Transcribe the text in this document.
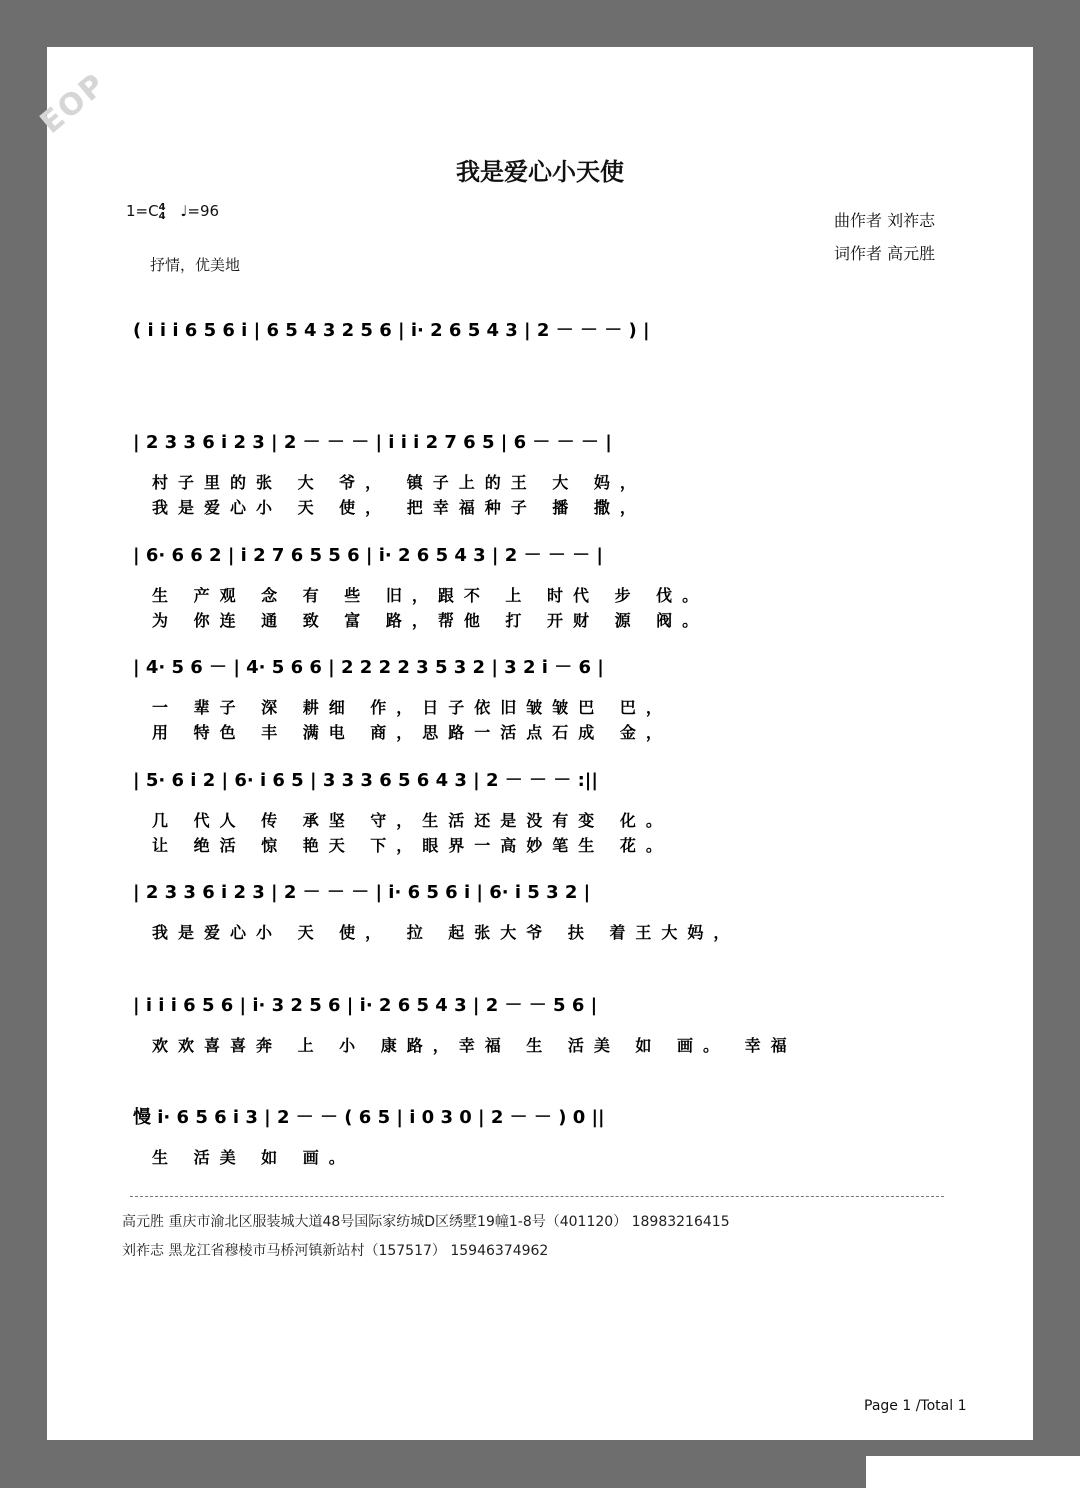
EOP
我是爱心小天使
1=C4
4 ♩=96
抒情，优美地
曲作者 刘祚志
词作者 高元胜
( i i i 6 5 6 i | 6 5 4 3 2 5 6 | i· 2 6 5 4 3 | 2 － － － ) |
| 2 3 3 6 i 2 3 | 2 － － － | i i i 2 7 6 5 | 6 － － － |
村子里的张 大 爷， 镇子上的王 大 妈，
我是爱心小 天 使， 把幸福种子 播 撒，
| 6· 6 6 2 | i 2 7 6 5 5 6 | i· 2 6 5 4 3 | 2 － － － |
生 产观 念 有 些 旧，跟不 上 时代 步 伐。
为 你连 通 致 富 路，帮他 打 开财 源 阀。
| 4· 5 6 － | 4· 5 6 6 | 2 2 2 2 3 5 3 2 | 3 2 i － 6 |
一 辈子 深 耕细 作，日子依旧皱皱巴 巴，
用 特色 丰 满电 商，思路一活点石成 金，
| 5· 6 i 2 | 6· i 6 5 | 3 3 3 6 5 6 4 3 | 2 － － － :||
几 代人 传 承坚 守，生活还是没有变 化。
让 绝活 惊 艳天 下，眼界一高妙笔生 花。
| 2 3 3 6 i 2 3 | 2 － － － | i· 6 5 6 i | 6· i 5 3 2 |
我是爱心小 天 使， 拉 起张大爷 扶 着王大妈，
| i i i 6 5 6 | i· 3 2 5 6 | i· 2 6 5 4 3 | 2 － － 5 6 |
欢欢喜喜奔 上 小 康路，幸福 生 活美 如 画。 幸福
慢 i· 6 5 6 i 3 | 2 － － ( 6 5 | i 0 3 0 | 2 － － ) 0 ||
生 活美 如 画。
高元胜 重庆市渝北区服装城大道48号国际家纺城D区绣墅19幢1-8号（401120） 18983216415
刘祚志 黑龙江省穆棱市马桥河镇新站村（157517） 15946374962
Page 1 /Total 1
